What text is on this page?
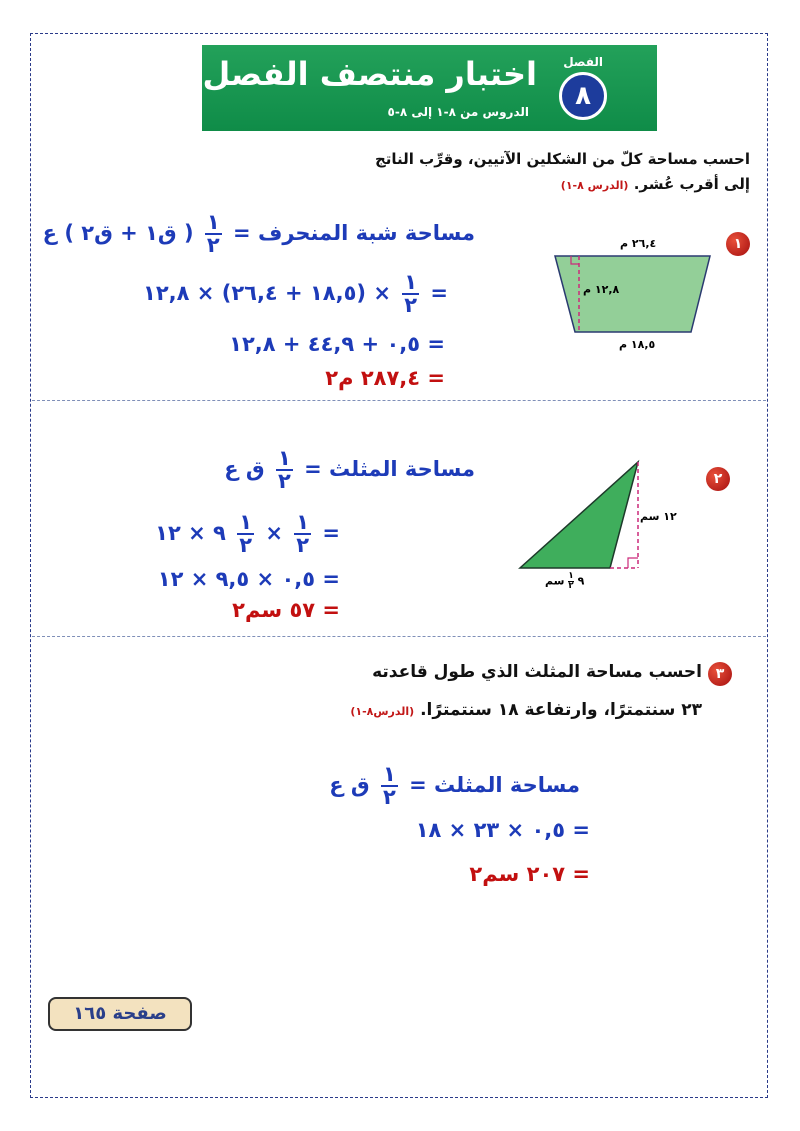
اختبار منتصف الفصل
الدروس من ٨-١ إلى ٨-٥
الفصل
٨
احسب مساحة كلّ من الشكلين الآتيين، وقرِّب الناتج
إلى أقرب عُشر. (الدرس ٨-١)
١
٢٦,٤ م
١٢,٨ م
١٨,٥ م
مساحة شبة المنحرف =
$\frac{١}{٢}$
( ق١ + ق٢ ) ع
=
$\frac{١}{٢}$
× (١٨,٥ + ٢٦,٤) × ١٢,٨
= ٠,٥ + ٤٤,٩ + ١٢,٨
= ٢٨٧,٤ م٢
٢
١٢ سم
٩
١
٢
سم
مساحة المثلث =
$\frac{١}{٢}$
ق ع
=
$\frac{١}{٢}$
×
$\frac{١}{٢}$
٩ × ١٢
= ٠,٥ × ٩,٥ × ١٢
= ٥٧ سم٢
٣
احسب مساحة المثلث الذي طول قاعدته
٢٣ سنتمترًا، وارتفاعة ١٨ سنتمترًا. (الدرس٨-١)
مساحة المثلث =
$\frac{١}{٢}$
ق ع
= ٠,٥ × ٢٣ × ١٨
= ٢٠٧ سم٢
صفحة ١٦٥
